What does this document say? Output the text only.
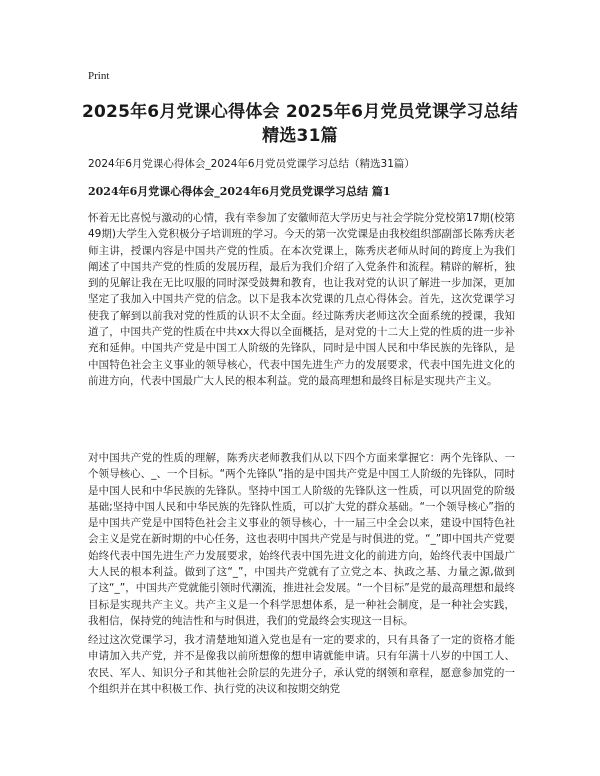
Print
2025年6月党课心得体会 2025年6月党员党课学习总结精选31篇
2024年6月党课心得体会_2024年6月党员党课学习总结（精选31篇）
2024年6月党课心得体会_2024年6月党员党课学习总结 篇1

怀着无比喜悦与激动的心情，我有幸参加了安徽师范大学历史与社会学院分党校第17期(校第49期)大学生入党积极分子培训班的学习。今天的第一次党课是由我校组织部副部长陈秀庆老师主讲，授课内容是中国共产党的性质。在本次党课上，陈秀庆老师从时间的跨度上为我们阐述了中国共产党的性质的发展历程，最后为我们介绍了入党条件和流程。精辟的解析，独到的见解让我在无比叹服的同时深受鼓舞和教育，也让我对党的认识了解进一步加深，更加坚定了我加入中国共产党的信念。以下是我本次党课的几点心得体会。首先，这次党课学习使我了解到以前我对党的性质的认识不太全面。经过陈秀庆老师这次全面系统的授课，我知道了，中国共产党的性质在中共xx大得以全面概括，是对党的十二大上党的性质的进一步补充和延伸。中国共产党是中国工人阶级的先锋队，同时是中国人民和中华民族的先锋队，是中国特色社会主义事业的领导核心，代表中国先进生产力的发展要求，代表中国先进文化的前进方向，代表中国最广大人民的根本利益。党的最高理想和最终目标是实现共产主义。

对中国共产党的性质的理解，陈秀庆老师教我们从以下四个方面来掌握它：两个先锋队、一个领导核心、_、一个目标。“两个先锋队”指的是中国共产党是中国工人阶级的先锋队，同时是中国人民和中华民族的先锋队。坚持中国工人阶级的先锋队这一性质，可以巩固党的阶级基础;坚持中国人民和中华民族的先锋队性质，可以扩大党的群众基础。“一个领导核心”指的是中国共产党是中国特色社会主义事业的领导核心，十一届三中全会以来，建设中国特色社会主义是党在新时期的中心任务，这也表明中国共产党是与时俱进的党。“_”即中国共产党要始终代表中国先进生产力发展要求，始终代表中国先进文化的前进方向，始终代表中国最广大人民的根本利益。做到了这“_”，中国共产党就有了立党之本、执政之基、力量之源,做到了这“_”，中国共产党就能引领时代潮流，推进社会发展。“一个目标”是党的最高理想和最终目标是实现共产主义。共产主义是一个科学思想体系，是一种社会制度，是一种社会实践，我相信，保持党的纯洁性和与时俱进，我们的党最终会实现这一目标。

经过这次党课学习，我才清楚地知道入党也是有一定的要求的，只有具备了一定的资格才能申请加入共产党，并不是像我以前所想像的想申请就能申请。只有年满十八岁的中国工人、农民、军人、知识分子和其他社会阶层的先进分子，承认党的纲领和章程，愿意参加党的一个组织并在其中积极工作、执行党的决议和按期交纳党
